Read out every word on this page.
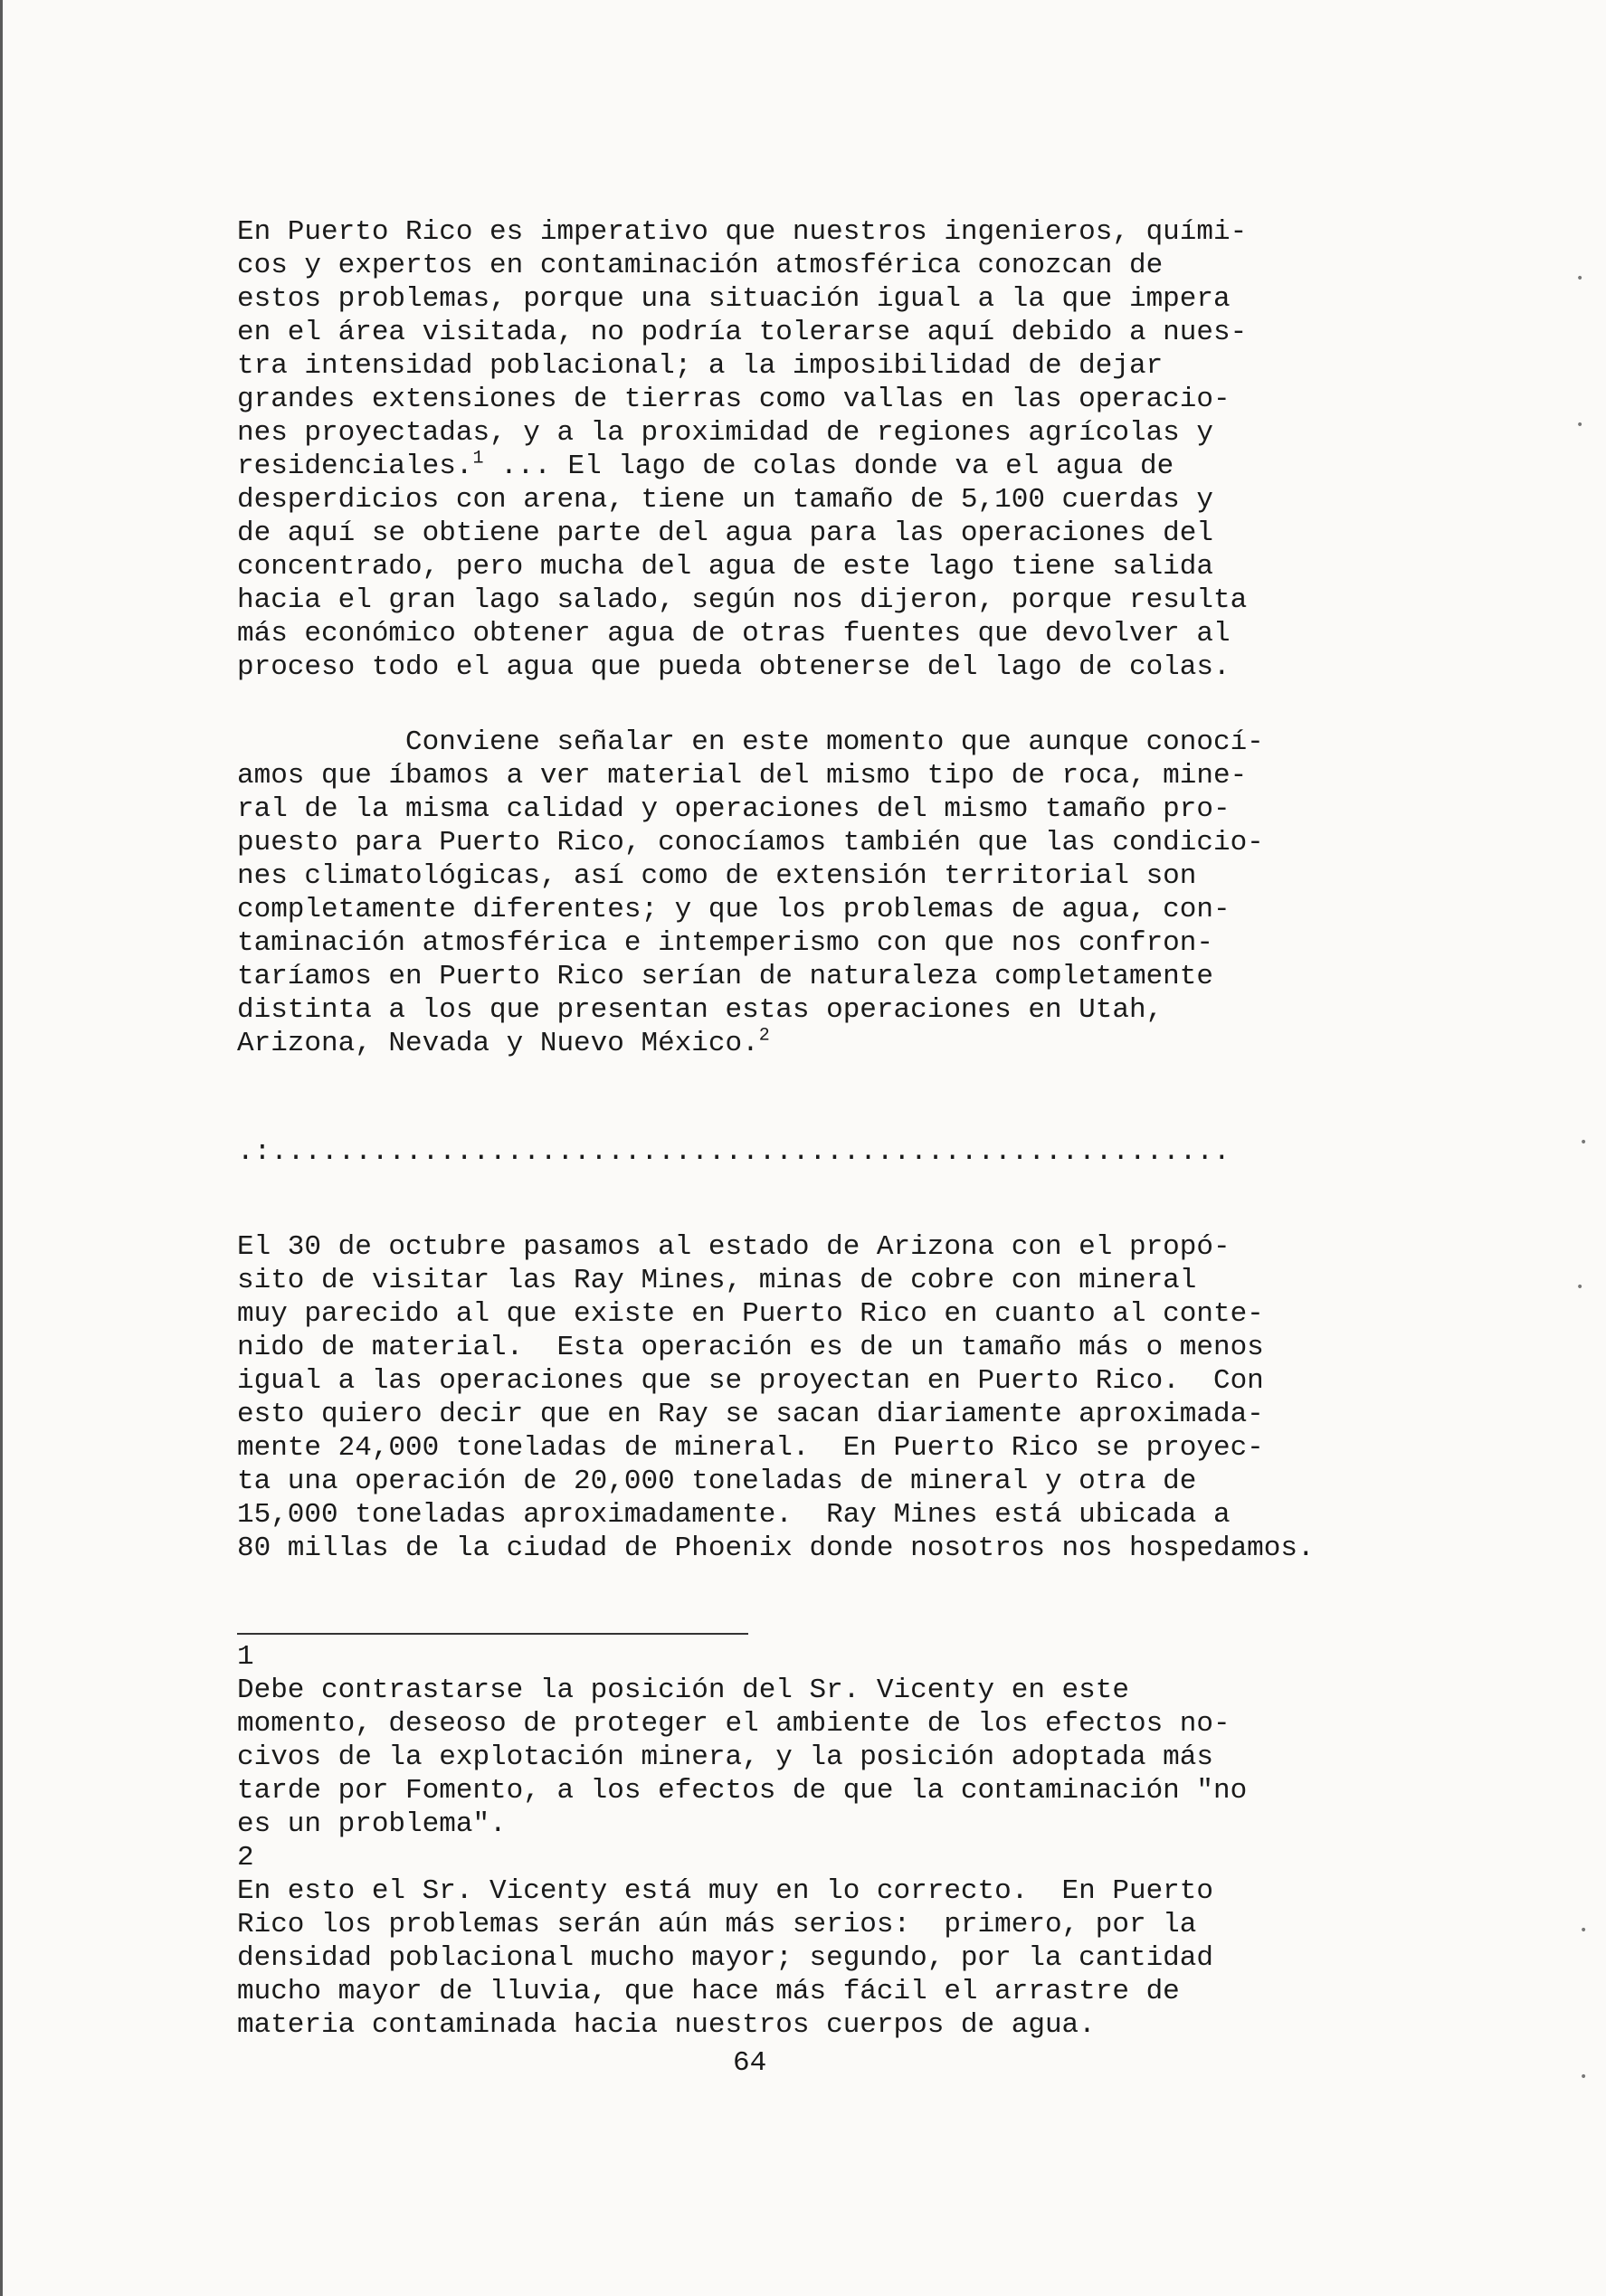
En Puerto Rico es imperativo que nuestros ingenieros, quími-
cos y expertos en contaminación atmosférica conozcan de
estos problemas, porque una situación igual a la que impera
en el área visitada, no podría tolerarse aquí debido a nues-
tra intensidad poblacional; a la imposibilidad de dejar
grandes extensiones de tierras como vallas en las operacio-
nes proyectadas, y a la proximidad de regiones agrícolas y
residenciales.$^1$ ... El lago de colas donde va el agua de
desperdicios con arena, tiene un tamaño de 5,100 cuerdas y
de aquí se obtiene parte del agua para las operaciones del
concentrado, pero mucha del agua de este lago tiene salida
hacia el gran lago salado, según nos dijeron, porque resulta
más económico obtener agua de otras fuentes que devolver al
proceso todo el agua que pueda obtenerse del lago de colas.
Conviene señalar en este momento que aunque conocí-
amos que íbamos a ver material del mismo tipo de roca, mine-
ral de la misma calidad y operaciones del mismo tamaño pro-
puesto para Puerto Rico, conocíamos también que las condicio-
nes climatológicas, así como de extensión territorial son
completamente diferentes; y que los problemas de agua, con-
taminación atmosférica e intemperismo con que nos confron-
taríamos en Puerto Rico serían de naturaleza completamente
distinta a los que presentan estas operaciones en Utah,
Arizona, Nevada y Nuevo México.$^2$
.:.........................................................
El 30 de octubre pasamos al estado de Arizona con el propó-
sito de visitar las Ray Mines, minas de cobre con mineral
muy parecido al que existe en Puerto Rico en cuanto al conte-
nido de material.  Esta operación es de un tamaño más o menos
igual a las operaciones que se proyectan en Puerto Rico.  Con
esto quiero decir que en Ray se sacan diariamente aproximada-
mente 24,000 toneladas de mineral.  En Puerto Rico se proyec-
ta una operación de 20,000 toneladas de mineral y otra de
15,000 toneladas aproximadamente.  Ray Mines está ubicada a
80 millas de la ciudad de Phoenix donde nosotros nos hospedamos.
1
Debe contrastarse la posición del Sr. Vicenty en este
momento, deseoso de proteger el ambiente de los efectos no-
civos de la explotación minera, y la posición adoptada más
tarde por Fomento, a los efectos de que la contaminación "no
es un problema".
2
En esto el Sr. Vicenty está muy en lo correcto.  En Puerto
Rico los problemas serán aún más serios:  primero, por la
densidad poblacional mucho mayor; segundo, por la cantidad
mucho mayor de lluvia, que hace más fácil el arrastre de
materia contaminada hacia nuestros cuerpos de agua.
64
•
•
•
•
•
•
